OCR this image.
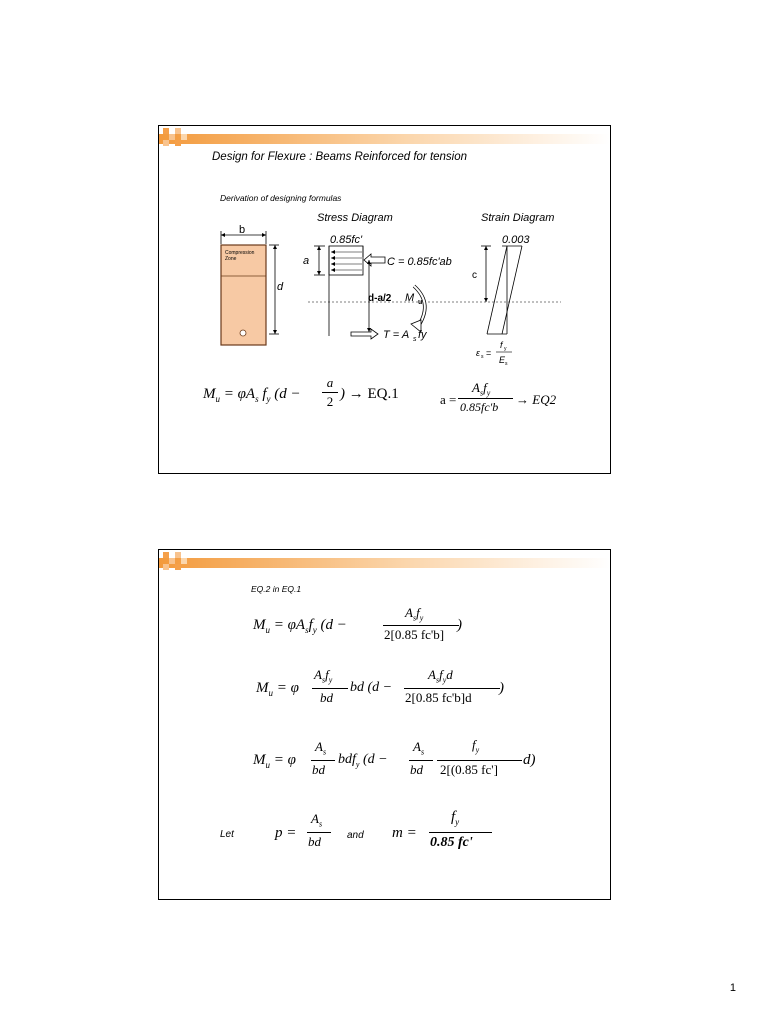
Design for Flexure : Beams Reinforced for tension
Derivation of designing formulas
Stress Diagram	Strain Diagram
b
Compression
Zone
d
0.85fc'
a	C = 0.85fc'ab
d-a/2 M u
T = A s fy
0.003
c
ε s =
f y
E s
$M_u = \varphi A_s$ $f_y$ (d −
a
2 ) → EQ.1	a =
$A_sf_y$
0.85fc'b → EQ2
EQ.2 in EQ.1
$M_u = \varphi A_sf_y$ (d −
$A_sf_y$
2[0.85 fc'b]
)
$M_u = \varphi$
$A_sf_y$
bd
bd (d −
$A_sf_yd$
2[0.85 fc'b]d
)
$M_u = \varphi$
$A_s$
bd
bdf$_y$ (d −
$A_s$
bd
$f_y$
2[(0.85 fc']
d)
Let	p =
$A_s$
bd	and m =
$f_y$
0.85 fc'
1
